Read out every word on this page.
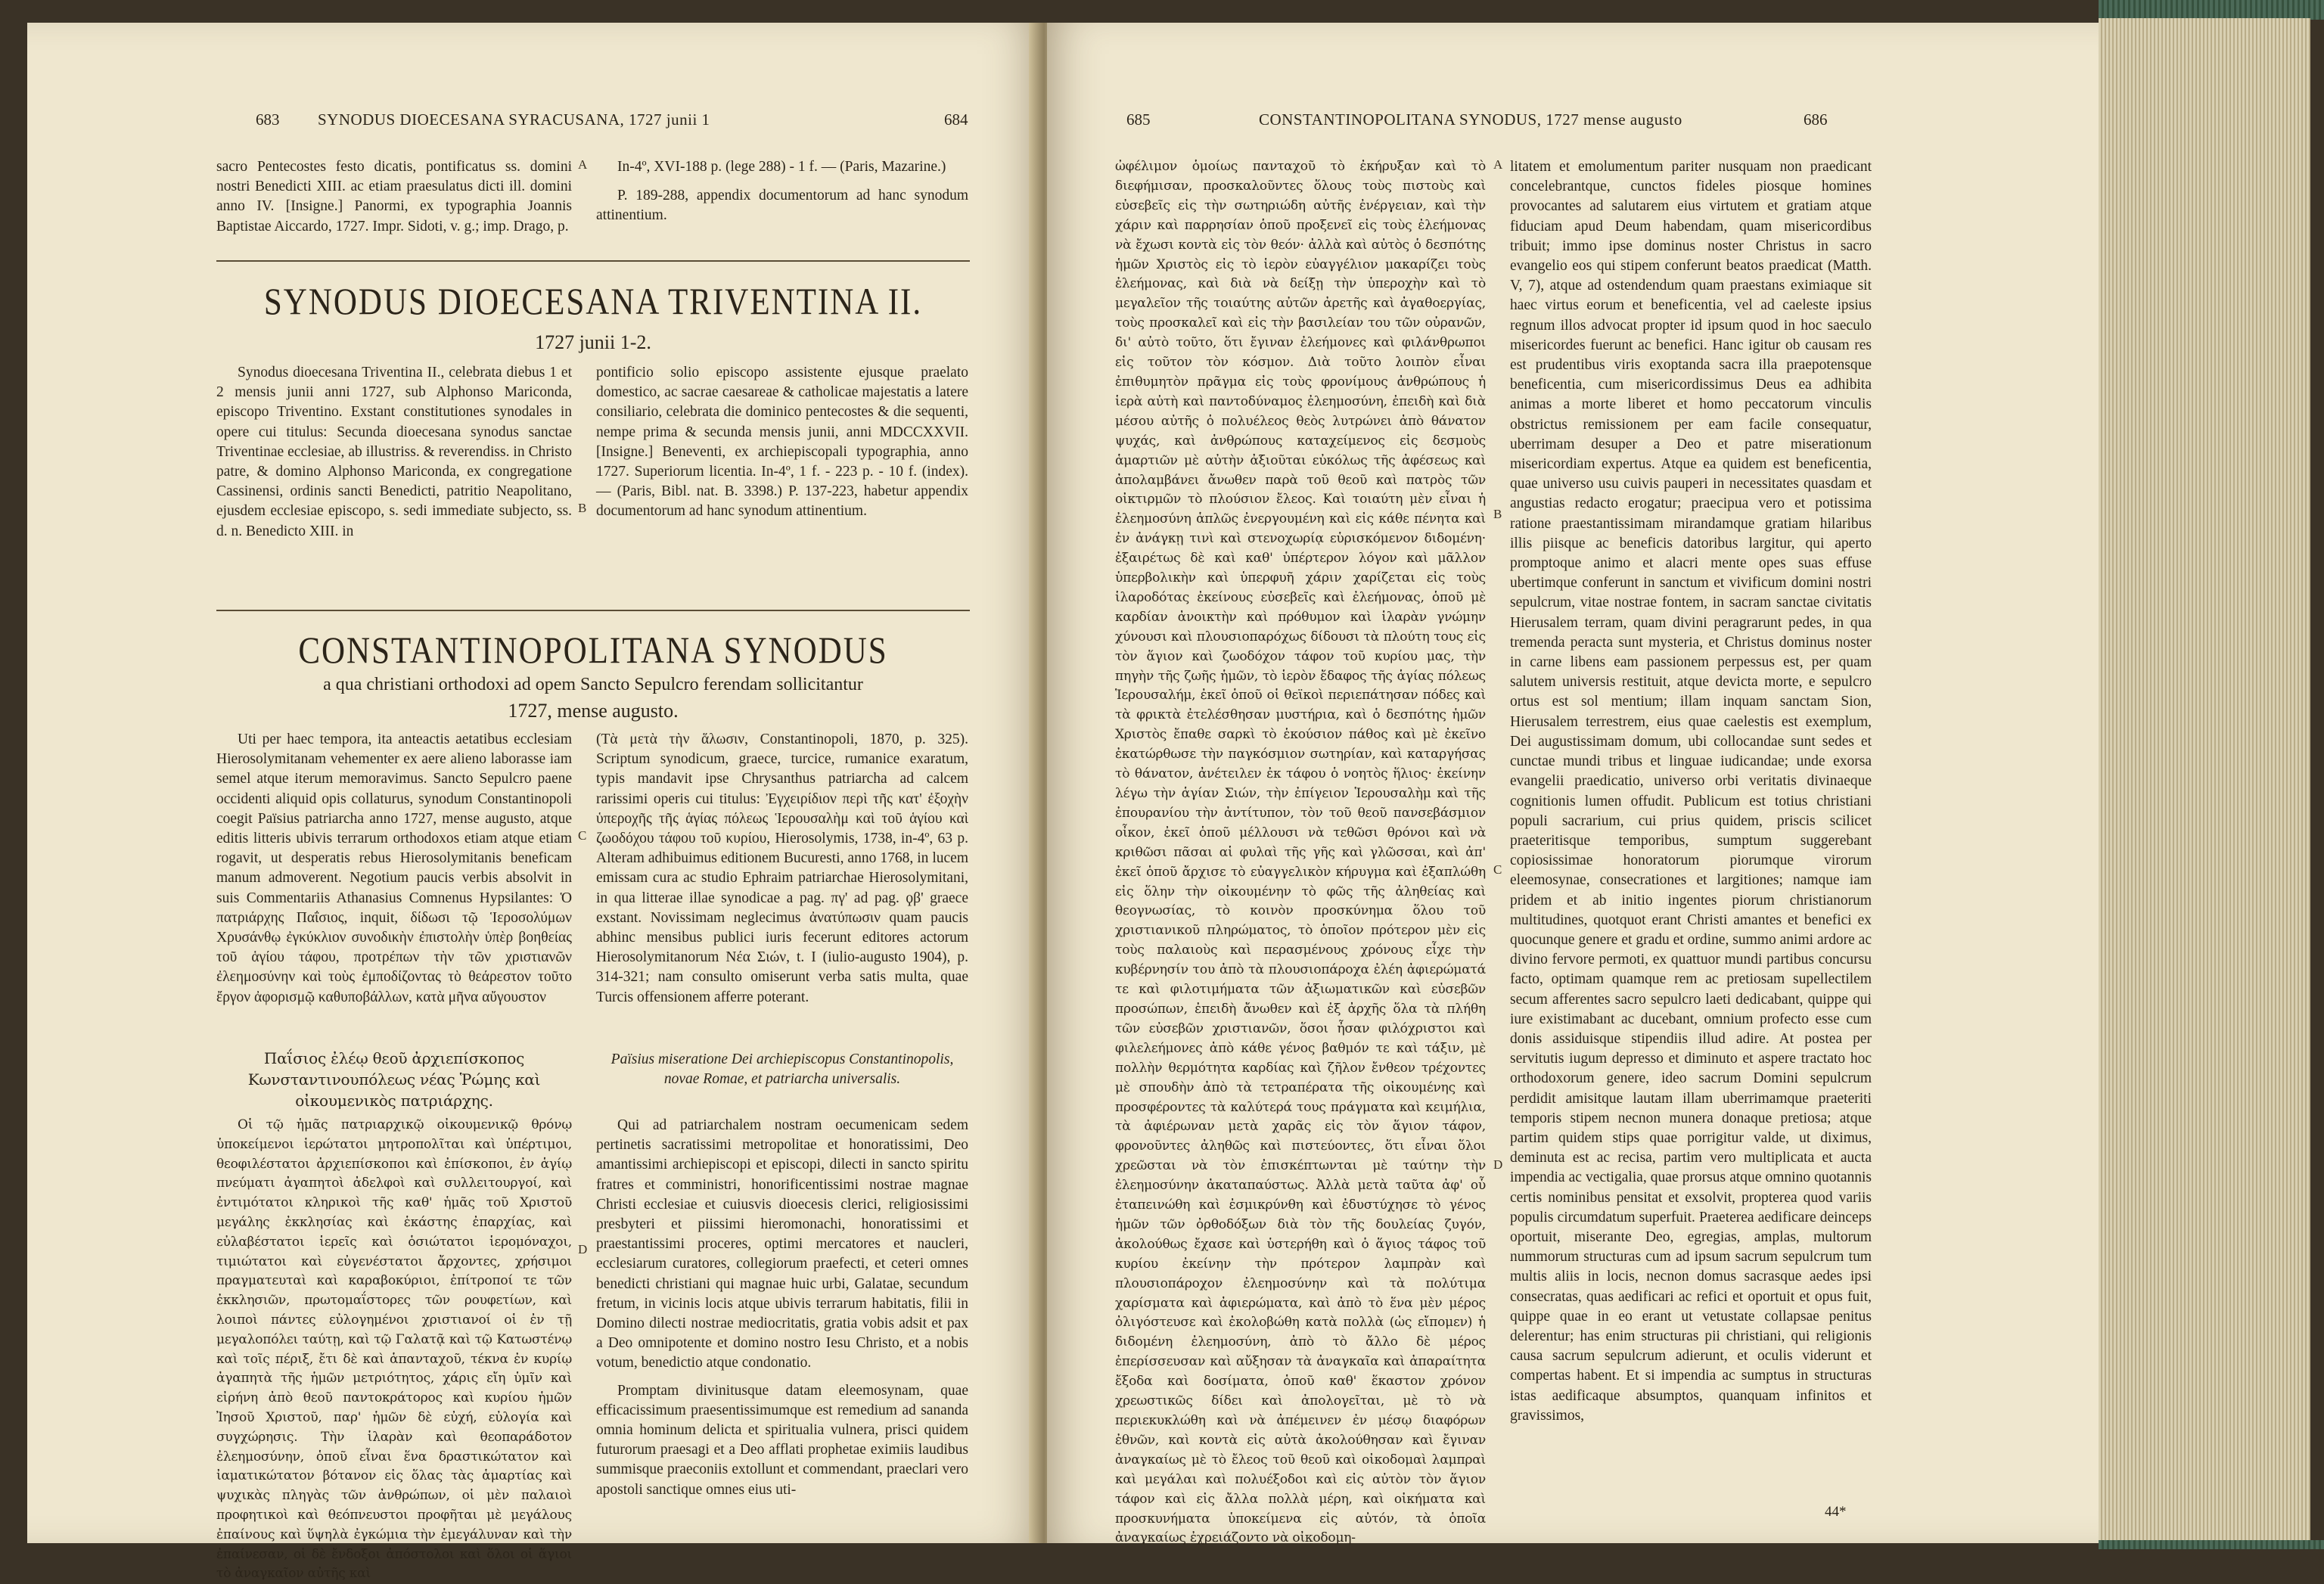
683 SYNODUS DIOECESANA SYRACUSANA, 1727 junii 1	684

sacro Pentecostes festo dicatis, pontificatus ss. domini nostri Benedicti XIII. ac etiam praesulatus dicti ill. domini anno IV. [Insigne.] Panormi, ex typographia Joannis Baptistae Aiccardo, 1727. Impr. Sidoti, v. g.; imp. Drago, p.

A	In-4º, XVI-188 p. (lege 288) - 1 f. — (Paris, Mazarine.)

P. 189-288, appendix documentorum ad hanc synodum attinentium.

SYNODUS DIOECESANA TRIVENTINA II.
1727 junii 1-2.

Synodus dioecesana Triventina II., celebrata diebus 1 et 2 mensis junii anni 1727, sub Alphonso Mariconda, episcopo Triventino. Exstant constitutiones synodales in opere cui titulus: Secunda dioecesana synodus sanctae Triventinae ecclesiae, ab illustriss. & reverendiss. in Christo patre, & domino Alphonso Mariconda, ex congregatione Cassinensi, ordinis sancti Benedicti, patritio Neapolitano, ejusdem ecclesiae episcopo, s. sedi immediate subjecto, ss. d. n. Benedicto XIII. in

B

pontificio solio episcopo assistente ejusque praelato domestico, ac sacrae caesareae & catholicae majestatis a latere consiliario, celebrata die dominico pentecostes & die sequenti, nempe prima & secunda mensis junii, anni MDCCXXVII. [Insigne.] Beneventi, ex archiepiscopali typographia, anno 1727. Superiorum licentia. In-4º, 1 f. - 223 p. - 10 f. (index). — (Paris, Bibl. nat. B. 3398.) P. 137-223, habetur appendix documentorum ad hanc synodum attinentium.

CONSTANTINOPOLITANA SYNODUS
a qua christiani orthodoxi ad opem Sancto Sepulcro ferendam sollicitantur
1727, mense augusto.

Uti per haec tempora, ita anteactis aetatibus ecclesiam Hierosolymitanam vehementer ex aere alieno laborasse iam semel atque iterum memoravimus. Sancto Sepulcro paene occidenti aliquid opis collaturus, synodum Constantinopoli coegit Païsius patriarcha anno 1727, mense augusto, atque editis litteris ubivis terrarum orthodoxos etiam atque etiam rogavit, ut desperatis rebus Hierosolymitanis beneficam manum admoverent. Negotium paucis verbis absolvit in suis Commentariis Athanasius Comnenus Hypsilantes: Ὁ πατριάρχης Παΐσιος, inquit, δίδωσι τῷ Ἱεροσολύμων Χρυσάνθῳ ἐγκύκλιον συνοδικὴν ἐπιστολὴν ὑπὲρ βοηθείας τοῦ ἁγίου τάφου, προτρέπων τὴν τῶν χριστιανῶν ἐλεημοσύνην καὶ τοὺς ἐμποδίζοντας τὸ θεάρεστον τοῦτο ἔργον ἀφορισμῷ καθυποβάλλων, κατὰ μῆνα αὔγουστον

C

(Τὰ μετὰ τὴν ἅλωσιν, Constantinopoli, 1870, p. 325). Scriptum synodicum, graece, turcice, rumanice exaratum, typis mandavit ipse Chrysanthus patriarcha ad calcem rarissimi operis cui titulus: Ἐγχειρίδιον περὶ τῆς κατ' ἐξοχὴν ὑπεροχῆς τῆς ἁγίας πόλεως Ἱερουσαλὴμ καὶ τοῦ ἁγίου καὶ ζωοδόχου τάφου τοῦ κυρίου, Hierosolymis, 1738, in-4º, 63 p. Alteram adhibuimus editionem Bucuresti, anno 1768, in lucem emissam cura ac studio Ephraim patriarchae Hierosolymitani, in qua litterae illae synodicae a pag. πγ' ad pag. ϙβ' graece exstant. Novissimam neglecimus ἀνατύπωσιν quam paucis abhinc mensibus publici iuris fecerunt editores actorum Hierosolymitanorum Νέα Σιών, t. I (iulio-augusto 1904), p. 314-321; nam consulto omiserunt verba satis multa, quae Turcis offensionem afferre poterant.

Παΐσιος ἐλέῳ θεοῦ ἀρχιεπίσκοπος Κωνσταντινουπόλεως νέας Ῥώμης καὶ οἰκουμενικὸς πατριάρχης.
Païsius miseratione Dei archiepiscopus Constantinopolis, novae Romae, et patriarcha universalis.

Οἱ τῷ ἡμᾶς πατριαρχικῷ οἰκουμενικῷ θρόνῳ ὑποκείμενοι ἱερώτατοι μητροπολῖται καὶ ὑπέρτιμοι, θεοφιλέστατοι ἀρχιεπίσκοποι καὶ ἐπίσκοποι, ἐν ἁγίῳ πνεύματι ἀγαπητοὶ ἀδελφοὶ καὶ συλλειτουργοί, καὶ ἐντιμότατοι κληρικοὶ τῆς καθ' ἡμᾶς τοῦ Χριστοῦ μεγάλης ἐκκλησίας καὶ ἑκάστης ἐπαρχίας, καὶ εὐλαβέστατοι ἱερεῖς καὶ ὁσιώτατοι ἱερομόναχοι, τιμιώτατοι καὶ εὐγενέστατοι ἄρχοντες, χρήσιμοι πραγματευταὶ καὶ καραβοκύριοι, ἐπίτροποί τε τῶν ἐκκλησιῶν, πρωτομαΐστορες τῶν ρουφετίων, καὶ λοιποὶ πάντες εὐλογημένοι χριστιανοί οἱ ἐν τῇ μεγαλοπόλει ταύτῃ, καὶ τῷ Γαλατᾷ καὶ τῷ Κατωστένῳ καὶ τοῖς πέριξ, ἔτι δὲ καὶ ἁπανταχοῦ, τέκνα ἐν κυρίῳ ἀγαπητὰ τῆς ἡμῶν μετριότητος, χάρις εἴη ὑμῖν καὶ εἰρήνη ἀπὸ θεοῦ παντοκράτορος καὶ κυρίου ἡμῶν Ἰησοῦ Χριστοῦ, παρ' ἡμῶν δὲ εὐχή, εὐλογία καὶ συγχώρησις. Τὴν ἱλαρὰν καὶ θεοπαράδοτον ἐλεημοσύνην, ὁποῦ εἶναι ἕνα δραστικώτατον καὶ ἰαματικώτατον βότανον εἰς ὅλας τὰς ἁμαρτίας καὶ ψυχικὰς πληγὰς τῶν ἀνθρώπων, οἱ μὲν παλαιοὶ προφητικοὶ καὶ θεόπνευστοι προφῆται μὲ μεγάλους ἐπαίνους καὶ ὕψηλὰ ἐγκώμια τὴν ἐμεγάλυναν καὶ τὴν ἐπαίνεσαν, οἱ δὲ ἔνδοξοι ἀπόστολοι καὶ ὅλοι οἱ ἅγιοι τὸ ἀναγκαῖον αὐτῆς καὶ

D

Qui ad patriarchalem nostram oecumenicam sedem pertinetis sacratissimi metropolitae et honoratissimi, Deo amantissimi archiepiscopi et episcopi, dilecti in sancto spiritu fratres et comministri, honorificentissimi nostrae magnae Christi ecclesiae et cuiusvis dioecesis clerici, religiosissimi presbyteri et piissimi hieromonachi, honoratissimi et praestantissimi proceres, optimi mercatores et naucleri, ecclesiarum curatores, collegiorum praefecti, et ceteri omnes benedicti christiani qui magnae huic urbi, Galatae, secundum fretum, in vicinis locis atque ubivis terrarum habitatis, filii in Domino dilecti nostrae mediocritatis, gratia vobis adsit et pax a Deo omnipotente et domino nostro Iesu Christo, et a nobis votum, benedictio atque condonatio.

Promptam divinitusque datam eleemosynam, quae efficacissimum praesentissimumque est remedium ad sananda omnia hominum delicta et spiritualia vulnera, prisci quidem futurorum praesagi et a Deo afflati prophetae eximiis laudibus summisque praeconiis extollunt et commendant, praeclari vero apostoli sanctique omnes eius uti-

685	CONSTANTINOPOLITANA SYNODUS, 1727 mense augusto	686

ὠφέλιμον ὁμοίως πανταχοῦ τὸ ἐκήρυξαν καὶ τὸ διεφήμισαν, προσκαλοῦντες ὅλους τοὺς πιστοὺς καὶ εὐσεβεῖς εἰς τὴν σωτηριώδη αὐτῆς ἐνέργειαν, καὶ τὴν χάριν καὶ παρρησίαν ὁποῦ προξενεῖ εἰς τοὺς ἐλεήμονας νὰ ἔχωσι κοντὰ εἰς τὸν θεόν· ἀλλὰ καὶ αὐτὸς ὁ δεσπότης ἡμῶν Χριστὸς εἰς τὸ ἱερὸν εὐαγγέλιον μακαρίζει τοὺς ἐλεήμονας, καὶ διὰ νὰ δείξῃ τὴν ὑπεροχὴν καὶ τὸ μεγαλεῖον τῆς τοιαύτης αὐτῶν ἀρετῆς καὶ ἀγαθοεργίας, τοὺς προσκαλεῖ καὶ εἰς τὴν βασιλείαν του τῶν οὐρανῶν, δι' αὐτὸ τοῦτο, ὅτι ἔγιναν ἐλεήμονες καὶ φιλάνθρωποι εἰς τοῦτον τὸν κόσμον. Διὰ τοῦτο λοιπὸν εἶναι ἐπιθυμητὸν πρᾶγμα εἰς τοὺς φρονίμους ἀνθρώπους ἡ ἱερὰ αὐτὴ καὶ παντοδύναμος ἐλεημοσύνη, ἐπειδὴ καὶ διὰ μέσου αὐτῆς ὁ πολυέλεος θεὸς λυτρώνει ἀπὸ θάνατον ψυχάς, καὶ ἀνθρώπους καταχείμενος εἰς δεσμοὺς ἁμαρτιῶν μὲ αὐτὴν ἀξιοῦται εὐκόλως τῆς ἀφέσεως καὶ ἀπολαμβάνει ἄνωθεν παρὰ τοῦ θεοῦ καὶ πατρὸς τῶν οἰκτιρμῶν τὸ πλούσιον ἔλεος. Καὶ τοιαύτη μὲν εἶναι ἡ ἐλεημοσύνη ἁπλῶς ἐνεργουμένη καὶ εἰς κάθε πένητα καὶ ἐν ἀνάγκῃ τινὶ καὶ στενοχωρίᾳ εὑρισκόμενον διδομένη· ἐξαιρέτως δὲ καὶ καθ' ὑπέρτερον λόγον καὶ μᾶλλον ὑπερβολικὴν καὶ ὑπερφυῆ χάριν χαρίζεται εἰς τοὺς ἱλαροδότας ἐκείνους εὐσεβεῖς καὶ ἐλεήμονας, ὁποῦ μὲ καρδίαν ἀνοικτὴν καὶ πρόθυμον καὶ ἱλαρὰν γνώμην χύνουσι καὶ πλουσιοπαρόχως δίδουσι τὰ πλούτη τους εἰς τὸν ἅγιον καὶ ζωοδόχον τάφον τοῦ κυρίου μας, τὴν πηγὴν τῆς ζωῆς ἡμῶν, τὸ ἱερὸν ἔδαφος τῆς ἁγίας πόλεως Ἱερουσαλήμ, ἐκεῖ ὁποῦ οἱ θεϊκοὶ περιεπάτησαν πόδες καὶ τὰ φρικτὰ ἐτελέσθησαν μυστήρια, καὶ ὁ δεσπότης ἡμῶν Χριστὸς ἔπαθε σαρκὶ τὸ ἑκούσιον πάθος καὶ μὲ ἐκεῖνο ἐκατώρθωσε τὴν παγκόσμιον σωτηρίαν, καὶ καταργήσας τὸ θάνατον, ἀνέτειλεν ἐκ τάφου ὁ νοητὸς ἥλιος· ἐκείνην λέγω τὴν ἁγίαν Σιών, τὴν ἐπίγειον Ἱερουσαλὴμ καὶ τῆς ἐπουρανίου τὴν ἀντίτυπον, τὸν τοῦ θεοῦ πανσεβάσμιον οἶκον, ἐκεῖ ὁποῦ μέλλουσι νὰ τεθῶσι θρόνοι καὶ νὰ κριθῶσι πᾶσαι αἱ φυλαὶ τῆς γῆς καὶ γλῶσσαι, καὶ ἀπ' ἐκεῖ ὁποῦ ἄρχισε τὸ εὐαγγελικὸν κήρυγμα καὶ ἐξαπλώθη εἰς ὅλην τὴν οἰκουμένην τὸ φῶς τῆς ἀληθείας καὶ θεογνωσίας, τὸ κοινὸν προσκύνημα ὅλου τοῦ χριστιανικοῦ πληρώματος, τὸ ὁποῖον πρότερον μὲν εἰς τοὺς παλαιοὺς καὶ περασμένους χρόνους εἶχε τὴν κυβέρνησίν του ἀπὸ τὰ πλουσιοπάροχα ἐλέη ἀφιερώματά τε καὶ φιλοτιμήματα τῶν ἀξιωματικῶν καὶ εὐσεβῶν προσώπων, ἐπειδὴ ἄνωθεν καὶ ἐξ ἀρχῆς ὅλα τὰ πλήθη τῶν εὐσεβῶν χριστιανῶν, ὅσοι ἦσαν φιλόχριστοι καὶ φιλελεήμονες ἀπὸ κάθε γένος βαθμόν τε καὶ τάξιν, μὲ πολλὴν θερμότητα καρδίας καὶ ζῆλον ἔνθεον τρέχοντες μὲ σπουδὴν ἀπὸ τὰ τετραπέρατα τῆς οἰκουμένης καὶ προσφέροντες τὰ καλύτερά τους πράγματα καὶ κειμήλια, τὰ ἀφιέρωναν μετὰ χαρᾶς εἰς τὸν ἅγιον τάφον, φρονοῦντες ἀληθῶς καὶ πιστεύοντες, ὅτι εἶναι ὅλοι χρεῶσται νὰ τὸν ἐπισκέπτωνται μὲ ταύτην τὴν ἐλεημοσύνην ἀκαταπαύστως. Ἀλλὰ μετὰ ταῦτα ἀφ' οὗ ἐταπεινώθη καὶ ἐσμικρύνθη καὶ ἐδυστύχησε τὸ γένος ἡμῶν τῶν ὀρθοδόξων διὰ τὸν τῆς δουλείας ζυγόν, ἀκολούθως ἔχασε καὶ ὑστερήθη καὶ ὁ ἅγιος τάφος τοῦ κυρίου ἐκείνην τὴν πρότερον λαμπρὰν καὶ πλουσιοπάροχον ἐλεημοσύνην καὶ τὰ πολύτιμα χαρίσματα καὶ ἀφιερώματα, καὶ ἀπὸ τὸ ἕνα μὲν μέρος ὀλιγόστευσε καὶ ἐκολοβώθη κατὰ πολλὰ (ὡς εἴπομεν) ἡ διδομένη ἐλεημοσύνη, ἀπὸ τὸ ἄλλο δὲ μέρος ἐπερίσσευσαν καὶ αὔξησαν τὰ ἀναγκαῖα καὶ ἀπαραίτητα ἔξοδα καὶ δοσίματα, ὁποῦ καθ' ἕκαστον χρόνον χρεωστικῶς δίδει καὶ ἀπολογεῖται, μὲ τὸ νὰ περιεκυκλώθη καὶ νὰ ἀπέμεινεν ἐν μέσῳ διαφόρων ἐθνῶν, καὶ κοντὰ εἰς αὐτὰ ἀκολούθησαν καὶ ἔγιναν ἀναγκαίως μὲ τὸ ἔλεος τοῦ θεοῦ καὶ οἰκοδομαὶ λαμπραὶ καὶ μεγάλαι καὶ πολυέξοδοι καὶ εἰς αὐτὸν τὸν ἅγιον τάφον καὶ εἰς ἄλλα πολλὰ μέρη, καὶ οἰκήματα καὶ προσκυνήματα ὑποκείμενα εἰς αὐτόν, τὰ ὁποῖα ἀναγκαίως ἐχρειάζοντο νὰ οἰκοδομη-

A
B
C
D

litatem et emolumentum pariter nusquam non praedicant concelebrantque, cunctos fideles piosque homines provocantes ad salutarem eius virtutem et gratiam atque fiduciam apud Deum habendam, quam misericordibus tribuit; immo ipse dominus noster Christus in sacro evangelio eos qui stipem conferunt beatos praedicat (Matth. V, 7), atque ad ostendendum quam praestans eximiaque sit haec virtus eorum et beneficentia, vel ad caeleste ipsius regnum illos advocat propter id ipsum quod in hoc saeculo misericordes fuerunt ac benefici. Hanc igitur ob causam res est prudentibus viris exoptanda sacra illa praepotensque beneficentia, cum misericordissimus Deus ea adhibita animas a morte liberet et homo peccatorum vinculis obstrictus remissionem per eam facile consequatur, uberrimam desuper a Deo et patre miserationum misericordiam expertus. Atque ea quidem est beneficentia, quae universo usu cuivis pauperi in necessitates quasdam et angustias redacto erogatur; praecipua vero et potissima ratione praestantissimam mirandamque gratiam hilaribus illis piisque ac beneficis datoribus largitur, qui aperto promptoque animo et alacri mente opes suas effuse ubertimque conferunt in sanctum et vivificum domini nostri sepulcrum, vitae nostrae fontem, in sacram sanctae civitatis Hierusalem terram, quam divini peragrarunt pedes, in qua tremenda peracta sunt mysteria, et Christus dominus noster in carne libens eam passionem perpessus est, per quam salutem universis restituit, atque devicta morte, e sepulcro ortus est sol mentium; illam inquam sanctam Sion, Hierusalem terrestrem, eius quae caelestis est exemplum, Dei augustissimam domum, ubi collocandae sunt sedes et cunctae mundi tribus et linguae iudicandae; unde exorsa evangelii praedicatio, universo orbi veritatis divinaeque cognitionis lumen offudit. Publicum est totius christiani populi sacrarium, cui prius quidem, priscis scilicet praeteritisque temporibus, sumptum suggerebant copiosissimae honoratorum piorumque virorum eleemosynae, consecrationes et largitiones; namque iam pridem et ab initio ingentes piorum christianorum multitudines, quotquot erant Christi amantes et benefici ex quocunque genere et gradu et ordine, summo animi ardore ac divino fervore permoti, ex quattuor mundi partibus concursu facto, optimam quamque rem ac pretiosam supellectilem secum afferentes sacro sepulcro laeti dedicabant, quippe qui iure existimabant ac ducebant, omnium profecto esse cum donis assiduisque stipendiis illud adire. At postea per servitutis iugum depresso et diminuto et aspere tractato hoc orthodoxorum genere, ideo sacrum Domini sepulcrum perdidit amisitque lautam illam uberrimamque praeteriti temporis stipem necnon munera donaque pretiosa; atque partim quidem stips quae porrigitur valde, ut diximus, deminuta est ac recisa, partim vero multiplicata et aucta impendia ac vectigalia, quae prorsus atque omnino quotannis certis nominibus pensitat et exsolvit, propterea quod variis populis circumdatum superfuit. Praeterea aedificare deinceps oportuit, miserante Deo, egregias, amplas, multorum nummorum structuras cum ad ipsum sacrum sepulcrum tum multis aliis in locis, necnon domus sacrasque aedes ipsi consecratas, quas aedificari ac refici et oportuit et opus fuit, quippe quae in eo erant ut vetustate collapsae penitus delerentur; has enim structuras pii christiani, qui religionis causa sacrum sepulcrum adierunt, et oculis viderunt et compertas habent. Et si impendia ac sumptus in structuras istas aedificaque absumptos, quanquam infinitos et gravissimos,

44*
